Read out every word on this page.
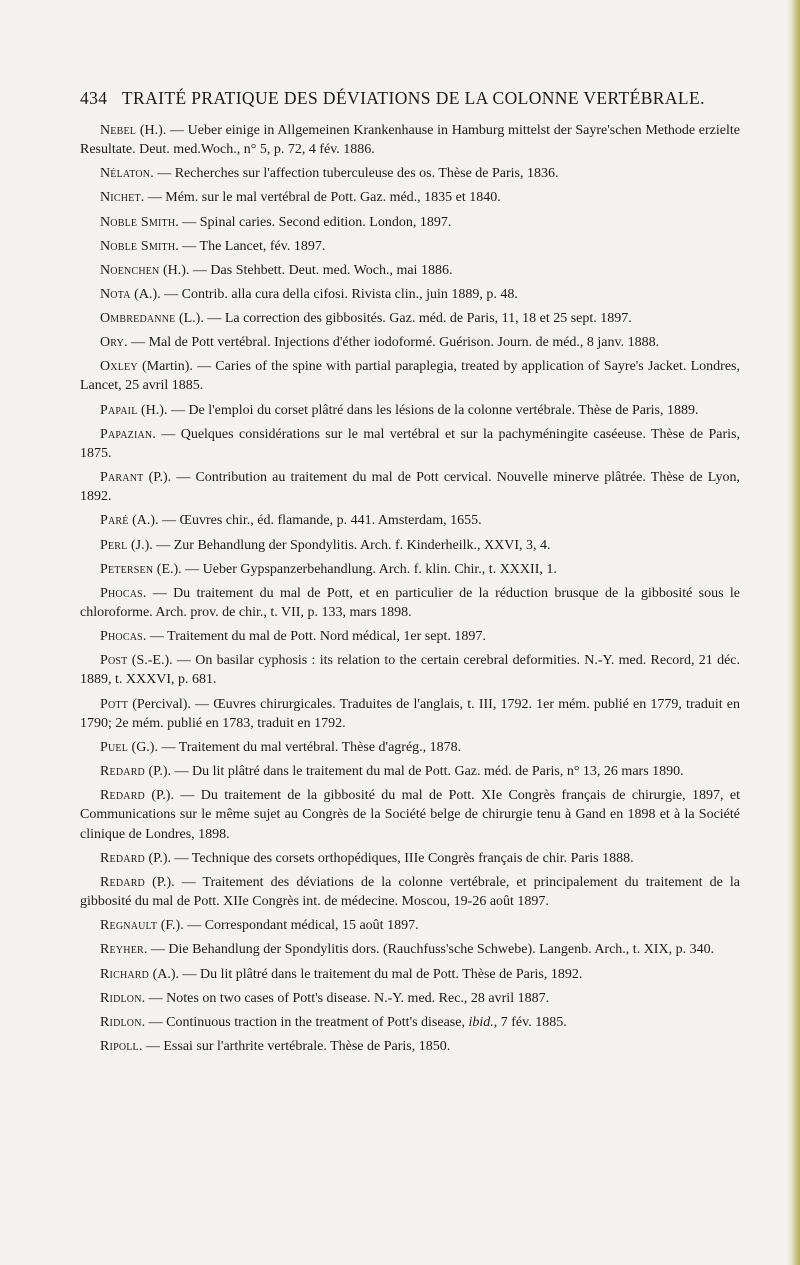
434 TRAITÉ PRATIQUE DES DÉVIATIONS DE LA COLONNE VERTÉBRALE.

Nebel (H.). — Ueber einige in Allgemeinen Krankenhause in Hamburg mittelst der Sayre'schen Methode erzielte Resultate. Deut. med.Woch., n° 5, p. 72, 4 fév. 1886.

Nélaton. — Recherches sur l'affection tuberculeuse des os. Thèse de Paris, 1836.

Nichet. — Mém. sur le mal vertébral de Pott. Gaz. méd., 1835 et 1840.

Noble Smith. — Spinal caries. Second edition. London, 1897.

Noble Smith. — The Lancet, fév. 1897.

Noenchen (H.). — Das Stehbett. Deut. med. Woch., mai 1886.

Nota (A.). — Contrib. alla cura della cifosi. Rivista clin., juin 1889, p. 48.

Ombredanne (L.). — La correction des gibbosités. Gaz. méd. de Paris, 11, 18 et 25 sept. 1897.

Ory. — Mal de Pott vertébral. Injections d'éther iodoformé. Guérison. Journ. de méd., 8 janv. 1888.

Oxley (Martin). — Caries of the spine with partial paraplegia, treated by application of Sayre's Jacket. Londres, Lancet, 25 avril 1885.

Papail (H.). — De l'emploi du corset plâtré dans les lésions de la colonne vertébrale. Thèse de Paris, 1889.

Papazian. — Quelques considérations sur le mal vertébral et sur la pachyméningite caséeuse. Thèse de Paris, 1875.

Parant (P.). — Contribution au traitement du mal de Pott cervical. Nouvelle minerve plâtrée. Thèse de Lyon, 1892.

Paré (A.). — Œuvres chir., éd. flamande, p. 441. Amsterdam, 1655.

Perl (J.). — Zur Behandlung der Spondylitis. Arch. f. Kinderheilk., XXVI, 3, 4.

Petersen (E.). — Ueber Gypspanzerbehandlung. Arch. f. klin. Chir., t. XXXII, 1.

Phocas. — Du traitement du mal de Pott, et en particulier de la réduction brusque de la gibbosité sous le chloroforme. Arch. prov. de chir., t. VII, p. 133, mars 1898.

Phocas. — Traitement du mal de Pott. Nord médical, 1er sept. 1897.

Post (S.-E.). — On basilar cyphosis : its relation to the certain cerebral deformities. N.-Y. med. Record, 21 déc. 1889, t. XXXVI, p. 681.

Pott (Percival). — Œuvres chirurgicales. Traduites de l'anglais, t. III, 1792. 1er mém. publié en 1779, traduit en 1790; 2e mém. publié en 1783, traduit en 1792.

Puel (G.). — Traitement du mal vertébral. Thèse d'agrég., 1878.

Redard (P.). — Du lit plâtré dans le traitement du mal de Pott. Gaz. méd. de Paris, n° 13, 26 mars 1890.

Redard (P.). — Du traitement de la gibbosité du mal de Pott. XIe Congrès français de chirurgie, 1897, et Communications sur le même sujet au Congrès de la Société belge de chirurgie tenu à Gand en 1898 et à la Société clinique de Londres, 1898.

Redard (P.). — Technique des corsets orthopédiques, IIIe Congrès français de chir. Paris 1888.

Redard (P.). — Traitement des déviations de la colonne vertébrale, et principalement du traitement de la gibbosité du mal de Pott. XIIe Congrès int. de médecine. Moscou, 19-26 août 1897.

Regnault (F.). — Correspondant médical, 15 août 1897.

Reyher. — Die Behandlung der Spondylitis dors. (Rauchfuss'sche Schwebe). Langenb. Arch., t. XIX, p. 340.

Richard (A.). — Du lit plâtré dans le traitement du mal de Pott. Thèse de Paris, 1892.

Ridlon. — Notes on two cases of Pott's disease. N.-Y. med. Rec., 28 avril 1887.

Ridlon. — Continuous traction in the treatment of Pott's disease, ibid., 7 fév. 1885.

Ripoll. — Essai sur l'arthrite vertébrale. Thèse de Paris, 1850.
